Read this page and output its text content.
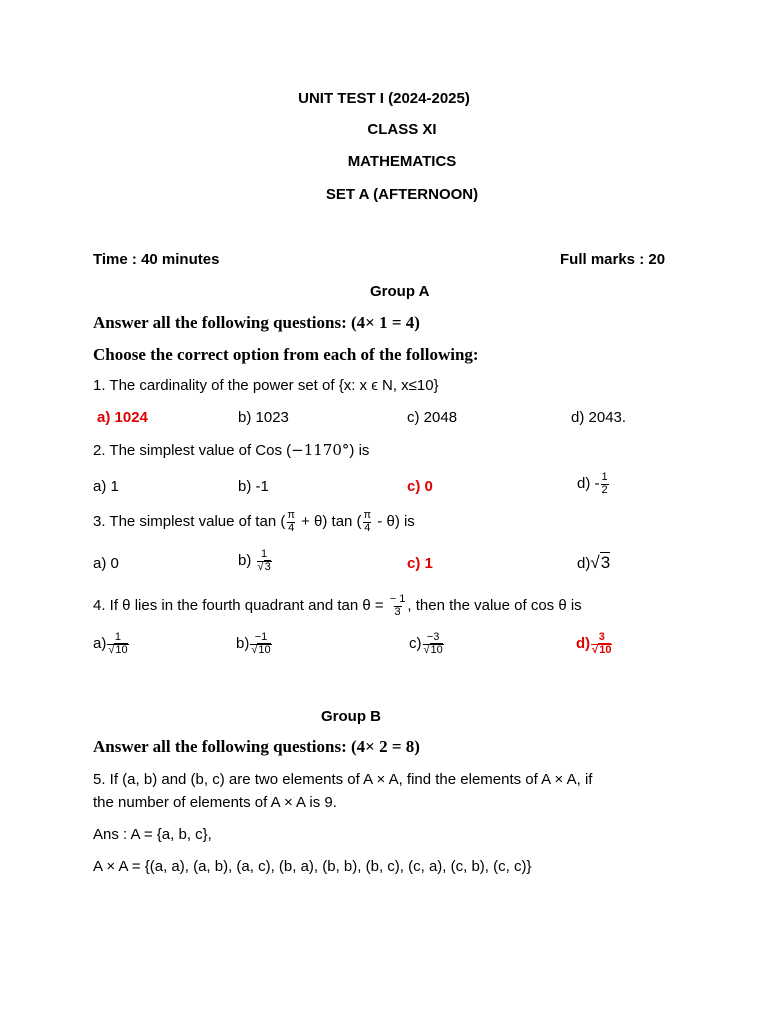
UNIT TEST I (2024-2025)
CLASS XI
MATHEMATICS
SET A (AFTERNOON)
Time : 40 minutes	Full marks : 20
Group A
Answer all the following questions: (4× 1 = 4)
Choose the correct option from each of the following:
1. The cardinality of the power set of {x: x ϵ N, x≤10}
a) 1024	b) 1023	c) 2048	d) 2043.
2. The simplest value of Cos (−1170°) is
a) 1	b) -1	c) 0	$d) - \frac{1}{2}$
3. The simplest value of tan ( $\frac{\pi}{4} + \theta$) tan ( $\frac{\pi}{4} - \theta$) is
a) 0	$b) \frac{1}{√3}$	c) 1	d)√3
4. If θ lies in the fourth quadrant and $\tan \theta = \frac{- 1}{3}$ , then the value of cos θ is
$a) \frac{1}{√10}$	$b) \frac{-1}{√10}$	$c) \frac{-3}{√10}$	$d) \frac{3}{√10}$
Group B
Answer all the following questions: (4× 2 = 8)
5. If (a, b) and (b, c) are two elements of A × A, find the elements of A × A, if
the number of elements of A × A is 9.
Ans : A = {a, b, c},
A × A = {(a, a), (a, b), (a, c), (b, a), (b, b), (b, c), (c, a), (c, b), (c, c)}
